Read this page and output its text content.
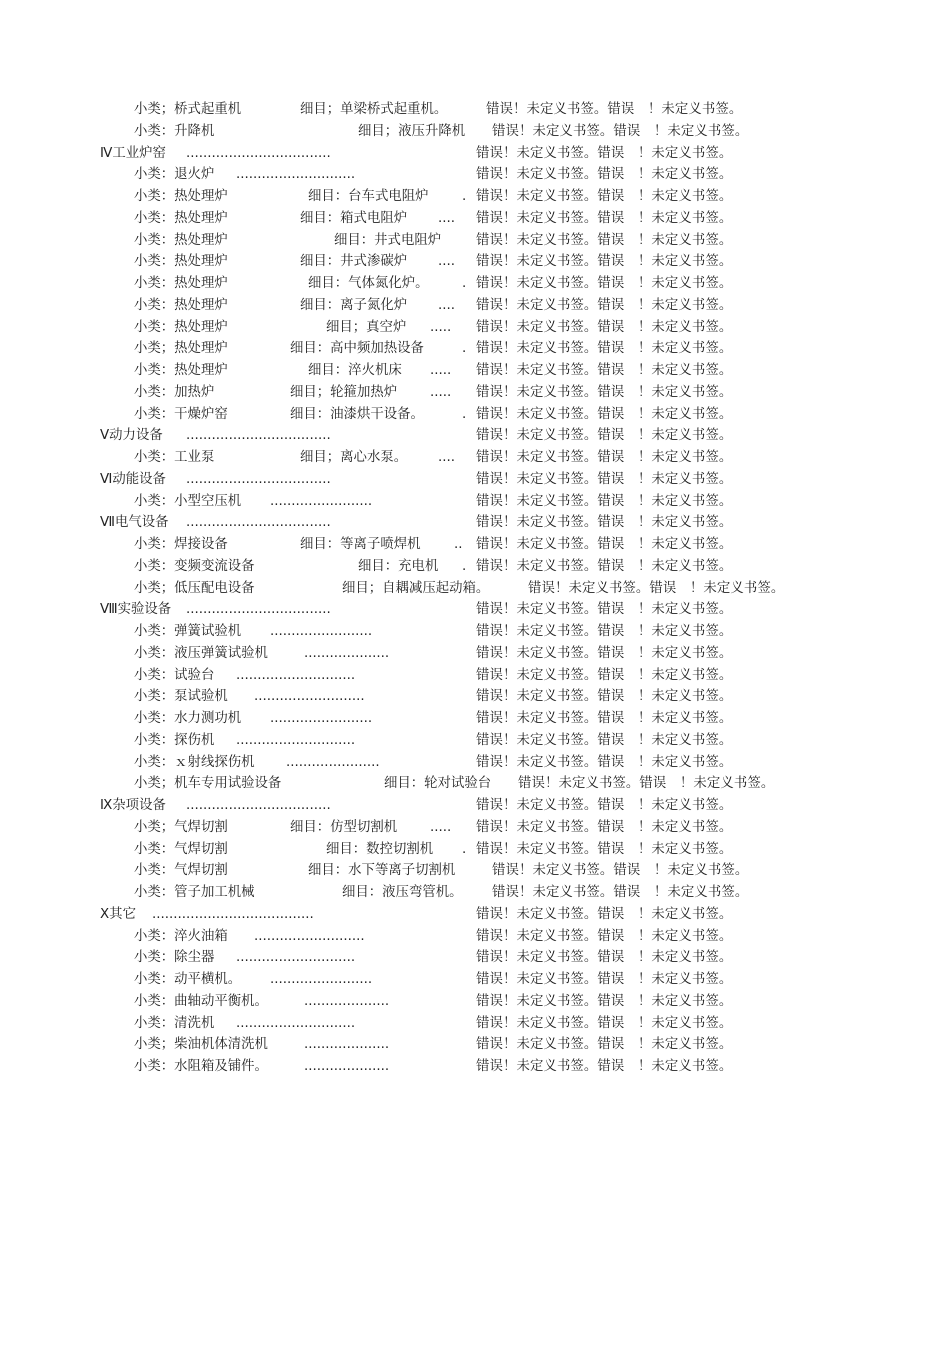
小类；桥式起重机	细目；单梁桥式起重机。	错误！未定义书签。错误　！未定义书签。
小类：升降机	细目；液压升降机 错误！未定义书签。错误　！未定义书签。
Ⅳ工业炉窑 ..................................	错误！未定义书签。错误　！未定义书签。
小类：退火炉 ............................	错误！未定义书签。错误　！未定义书签。
小类：热处理炉	细目：台车式电阻炉 . 错误！未定义书签。错误　！未定义书签。
小类：热处理炉	细目：箱式电阻炉 .... 错误！未定义书签。错误　！未定义书签。
小类：热处理炉	细目：井式电阻炉	错误！未定义书签。错误　！未定义书签。
小类：热处理炉	细目：井式渗碳炉 .... 错误！未定义书签。错误　！未定义书签。
小类：热处理炉	细目：气体氮化炉。 . 错误！未定义书签。错误　！未定义书签。
小类：热处理炉	细目：离子氮化炉 .... 错误！未定义书签。错误　！未定义书签。
小类：热处理炉	细目；真空炉 ..... 错误！未定义书签。错误　！未定义书签。
小类；热处理炉	细目：高中频加热设备	. 错误！未定义书签。错误　！未定义书签。
小类：热处理炉	细目：淬火机床 ..... 错误！未定义书签。错误　！未定义书签。
小类：加热炉	细目；轮箍加热炉 ..... 错误！未定义书签。错误　！未定义书签。
小类：干燥炉窑	细目：油漆烘干设备。	. 错误！未定义书签。错误　！未定义书签。
Ⅴ动力设备 ..................................	错误！未定义书签。错误　！未定义书签。
小类：工业泵	细目；离心水泵。 .... 错误！未定义书签。错误　！未定义书签。
Ⅵ动能设备 ..................................	错误！未定义书签。错误　！未定义书签。
小类：小型空压机 ........................	错误！未定义书签。错误　！未定义书签。
Ⅶ电气设备 ..................................	错误！未定义书签。错误　！未定义书签。
小类：焊接设备	细目：等离子喷焊机 .. 错误！未定义书签。错误　！未定义书签。
小类：变频变流设备	细目：充电机 . 错误！未定义书签。错误　！未定义书签。
小类；低压配电设备	细目；自耦减压起动箱。	错误！未定义书签。错误　！未定义书签。
Ⅷ实验设备 ..................................	错误！未定义书签。错误　！未定义书签。
小类：弹簧试验机 ........................	错误！未定义书签。错误　！未定义书签。
小类：液压弹簧试验机	....................	错误！未定义书签。错误　！未定义书签。
小类：试验台 ............................	错误！未定义书签。错误　！未定义书签。
小类：泵试验机 ..........................	错误！未定义书签。错误　！未定义书签。
小类：水力测功机 ........................	错误！未定义书签。错误　！未定义书签。
小类：探伤机 ............................	错误！未定义书签。错误　！未定义书签。
小类：ｘ射线探伤机 ......................	错误！未定义书签。错误　！未定义书签。
小类；机车专用试验设备	细目：轮对试验台 错误！未定义书签。错误　！未定义书签。
Ⅸ杂项设备 ..................................	错误！未定义书签。错误　！未定义书签。
小类；气焊切割	细目：仿型切割机 ..... 错误！未定义书签。错误　！未定义书签。
小类：气焊切割	细目：数控切割机 . 错误！未定义书签。错误　！未定义书签。
小类：气焊切割	细目：水下等离子切割机	错误！未定义书签。错误　！未定义书签。
小类：管子加工机械	细目：液压弯管机。 错误！未定义书签。错误　！未定义书签。
Ⅹ其它 ......................................	错误！未定义书签。错误　！未定义书签。
小类：淬火油箱 ..........................	错误！未定义书签。错误　！未定义书签。
小类：除尘器 ............................	错误！未定义书签。错误　！未定义书签。
小类：动平横机。 ........................	错误！未定义书签。错误　！未定义书签。
小类：曲轴动平衡机。	....................	错误！未定义书签。错误　！未定义书签。
小类：清洗机 ............................	错误！未定义书签。错误　！未定义书签。
小类；柴油机体清洗机	....................	错误！未定义书签。错误　！未定义书签。
小类：水阻箱及铺件。	....................	错误！未定义书签。错误　！未定义书签。
